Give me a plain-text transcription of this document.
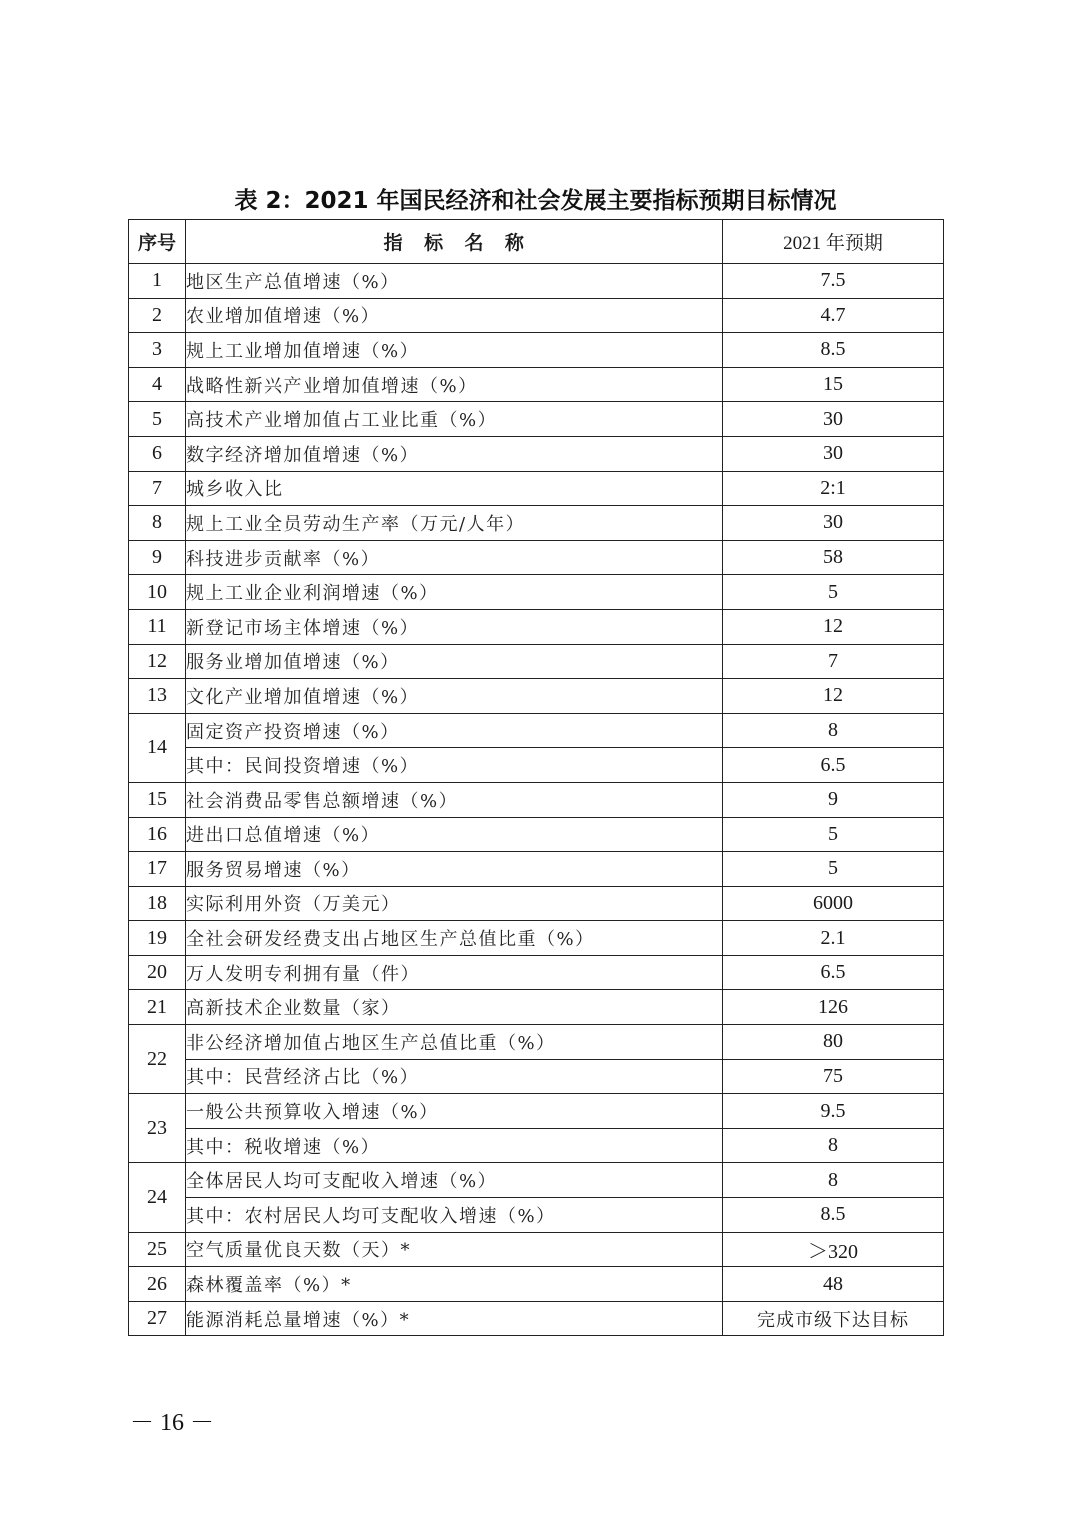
表 2：2021 年国民经济和社会发展主要指标预期目标情况
序号	指 标 名 称	2021 年预期
1	地区生产总值增速（%）	7.5
2	农业增加值增速（%）	4.7
3	规上工业增加值增速（%）	8.5
4	战略性新兴产业增加值增速（%）	15
5	高技术产业增加值占工业比重（%）	30
6	数字经济增加值增速（%）	30
7	城乡收入比	2:1
8	规上工业全员劳动生产率（万元/人年）	30
9	科技进步贡献率（%）	58
10	规上工业企业利润增速（%）	5
11	新登记市场主体增速（%）	12
12	服务业增加值增速（%）	7
13	文化产业增加值增速（%）	12
14	固定资产投资增速（%）	8
	其中：民间投资增速（%）	6.5
15	社会消费品零售总额增速（%）	9
16	进出口总值增速（%）	5
17	服务贸易增速（%）	5
18	实际利用外资（万美元）	6000
19	全社会研发经费支出占地区生产总值比重（%）	2.1
20	万人发明专利拥有量（件）	6.5
21	高新技术企业数量（家）	126
22	非公经济增加值占地区生产总值比重（%）	80
	其中：民营经济占比（%）	75
23	一般公共预算收入增速（%）	9.5
	其中：税收增速（%）	8
24	全体居民人均可支配收入增速（%）	8
	其中：农村居民人均可支配收入增速（%）	8.5
25	空气质量优良天数（天）*	＞320
26	森林覆盖率（%）*	48
27	能源消耗总量增速（%）*	完成市级下达目标
－ 16 －
